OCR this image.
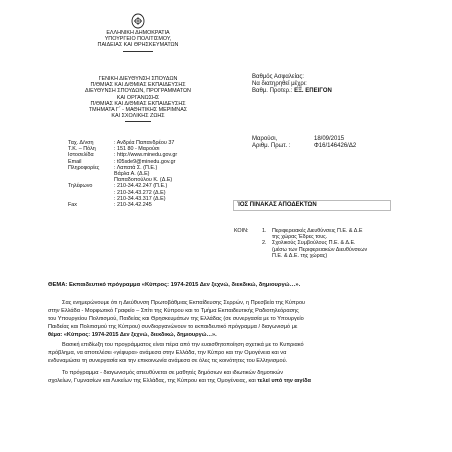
ΕΛΛΗΝΙΚΗ ΔΗΜΟΚΡΑΤΙΑ
ΥΠΟΥΡΓΕΙΟ ΠΟΛΙΤΙΣΜΟΥ,
ΠΑΙΔΕΙΑΣ ΚΑΙ ΘΡΗΣΚΕΥΜΑΤΩΝ
ΓΕΝΙΚΗ ΔΙΕΥΘΥΝΣΗ ΣΠΟΥΔΩΝ
Π/ΘΜΙΑΣ ΚΑΙ Δ/ΘΜΙΑΣ ΕΚΠΑΙΔΕΥΣΗΣ
ΔΙΕΥΘΥΝΣΗ ΣΠΟΥΔΩΝ, ΠΡΟΓΡΑΜΜΑΤΩΝ
ΚΑΙ ΟΡΓΑΝΩΣΗΣ
Π/ΘΜΙΑΣ ΚΑΙ Δ/ΘΜΙΑΣ ΕΚΠΑΙΔΕΥΣΗΣ
ΤΜΗΜΑΤΑ Γ΄ - ΜΑΘΗΤΙΚΗΣ ΜΕΡΙΜΝΑΣ
ΚΑΙ ΣΧΟΛΙΚΗΣ ΖΩΗΣ
Βαθμός Ασφαλείας:
Να διατηρηθεί μέχρι:
Βαθμ. Προτερ.: ΕΞ. ΕΠΕΙΓΟΝ
Ταχ. Δ/νση	: Ανδρέα Παπανδρέου 37
Τ.Κ. – Πόλη	: 151 80 - Μαρούσι
Ιστοσελίδα	: http://www.minedu.gov.gr
Email	: t05sde9@minedu.gov.gr
Πληροφορίες	: Λαπατά Σ. (Π.Ε.)
Βάρλα Α. (Δ.Ε)
Παπαδοπούλου Κ. (Δ.Ε)
Τηλέφωνο	: 210-34.42.247 (Π.Ε.)
: 210-34.43.272 (Δ.Ε)
: 210-34.43.317 (Δ.Ε)
Fax	: 210-34.42.245
Μαρούσι,	18/09/2015
Αριθμ. Πρωτ. :	Φ16/146426/Δ2
ΊΟΣ ΠΙΝΑΚΑΣ ΑΠΟΔΕΚΤΩΝ
ΚΟΙΝ: 1.	Περιφερειακές Διευθύνσεις Π.Ε. & Δ.Ε
της χώρας Έδρες τους.
2.	Σχολικούς Συμβούλους Π.Ε. & Δ.Ε.
(μέσω των Περιφερειακών Διευθύνσεων
Π.Ε. & Δ.Ε. της χώρας)
ΘΕΜΑ: Εκπαιδευτικό πρόγραμμα «Κύπρος: 1974-2015 Δεν ξεχνώ, διεκδικώ, δημιουργώ…».
Σας ενημερώνουμε ότι η Διεύθυνση Πρωτοβάθμιας Εκπαίδευσης Σερρών, η Πρεσβεία της Κύπρου
στην Ελλάδα - Μορφωτικό Γραφείο – Σπίτι της Κύπρου και το Τμήμα Εκπαιδευτικής Ραδιοτηλεόρασης
του Υπουργείου Πολιτισμού, Παιδείας και Θρησκευμάτων της Ελλάδας (σε συνεργασία με το Υπουργείο
Παιδείας και Πολιτισμού της Κύπρου) συνδιοργανώνουν το εκπαιδευτικό πρόγραμμα / διαγωνισμό με
θέμα: «Κύπρος: 1974-2015 Δεν ξεχνώ, διεκδικώ, δημιουργώ…».
Βασική επιδίωξη του προγράμματος είναι πέρα από την ευαισθητοποίηση σχετικά με το Κυπριακό
πρόβλημα, να αποτελέσει «γέφυρα» ανάμεσα στην Ελλάδα, την Κύπρο και την Ομογένεια και να
ενδυναμώσει τη συνεργασία και την επικοινωνία ανάμεσα σε όλες τις κοινότητες του Ελληνισμού.
Το πρόγραμμα - διαγωνισμός απευθύνεται σε μαθητές δημόσιων και ιδιωτικών δημοτικών
σχολείων, Γυμνασίων και Λυκείων της Ελλάδας, της Κύπρου και της Ομογένειας, και τελεί υπό την αιγίδα
